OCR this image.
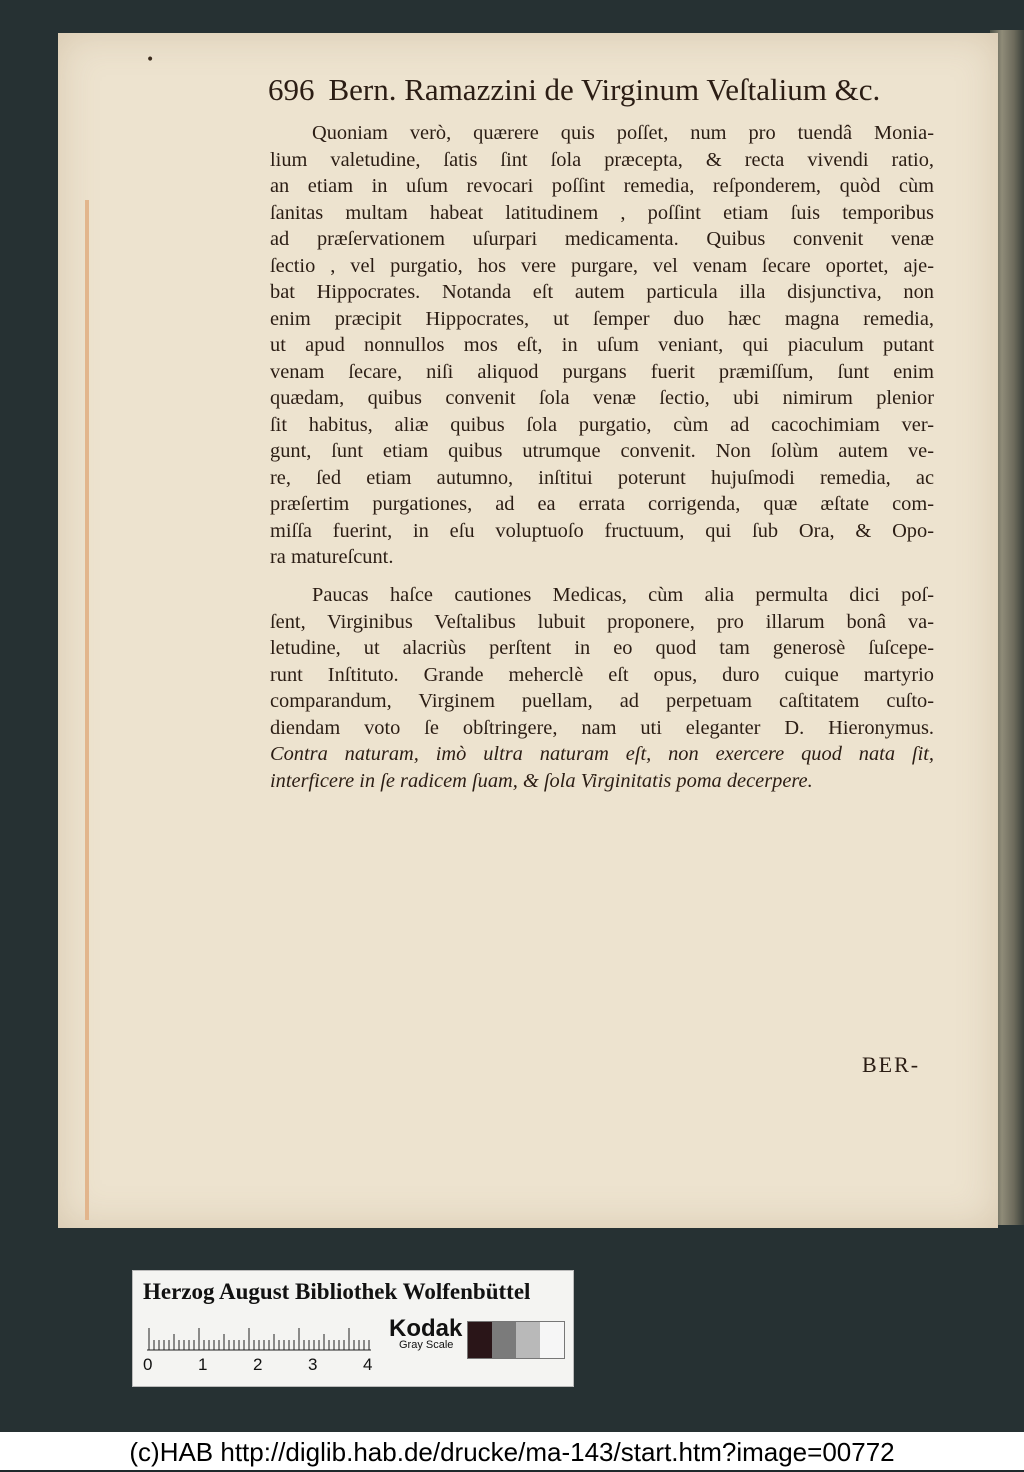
696 Bern. Ramazzini de Virginum Veſtalium &c.
Quoniam verò, quærere quis poſſet, num pro tuendâ Monia-
lium valetudine, ſatis ſint ſola præcepta, & recta vivendi ratio,
an etiam in uſum revocari poſſint remedia, reſponderem, quòd cùm
ſanitas multam habeat latitudinem , poſſint etiam ſuis temporibus
ad præſervationem uſurpari medicamenta. Quibus convenit venæ
ſectio , vel purgatio, hos vere purgare, vel venam ſecare oportet, aje-
bat Hippocrates. Notanda eſt autem particula illa disjunctiva, non
enim præcipit Hippocrates, ut ſemper duo hæc magna remedia,
ut apud nonnullos mos eſt, in uſum veniant, qui piaculum putant
venam ſecare, niſi aliquod purgans fuerit præmiſſum, ſunt enim
quædam, quibus convenit ſola venæ ſectio, ubi nimirum plenior
ſit habitus, aliæ quibus ſola purgatio, cùm ad cacochimiam ver-
gunt, ſunt etiam quibus utrumque convenit. Non ſolùm autem ve-
re, ſed etiam autumno, inſtitui poterunt hujuſmodi remedia, ac
præſertim purgationes, ad ea errata corrigenda, quæ æſtate com-
miſſa fuerint, in eſu voluptuoſo fructuum, qui ſub Ora, & Opo-
ra matureſcunt.
Paucas haſce cautiones Medicas, cùm alia permulta dici poſ-
ſent, Virginibus Veſtalibus lubuit proponere, pro illarum bonâ va-
letudine, ut alacriùs perſtent in eo quod tam generosè ſuſcepe-
runt Inſtituto. Grande meherclè eſt opus, duro cuique martyrio
comparandum, Virginem puellam, ad perpetuam caſtitatem cuſto-
diendam voto ſe obſtringere, nam uti eleganter D. Hieronymus.
Contra naturam, imò ultra naturam eſt, non exercere quod nata ſit,
interficere in ſe radicem ſuam, & ſola Virginitatis poma decerpere.
BER-
•
Herzog August Bibliothek Wolfenbüttel
0	1	2	3	4
Kodak
Gray Scale
(c)HAB http://diglib.hab.de/drucke/ma-143/start.htm?image=00772
